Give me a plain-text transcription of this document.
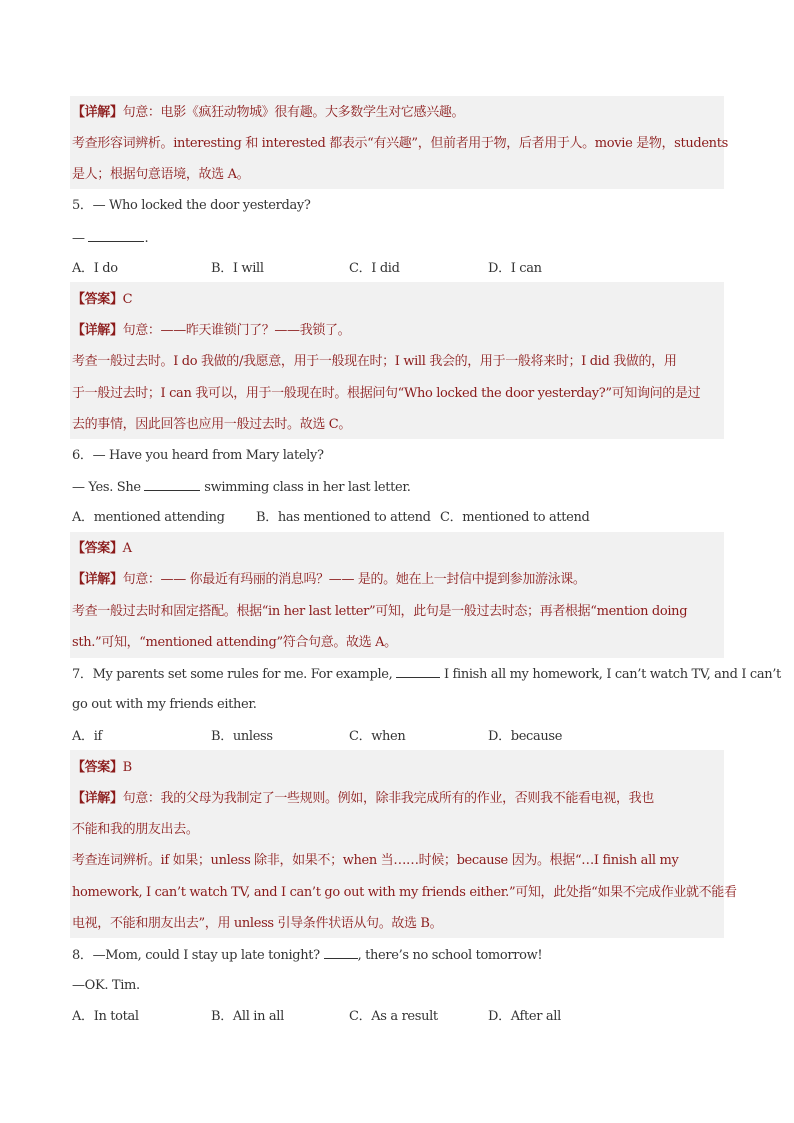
【详解】句意：电影《疯狂动物城》很有趣。大多数学生对它感兴趣。
考查形容词辨析。interesting 和 interested 都表示“有兴趣”，但前者用于物，后者用于人。movie 是物，students
是人；根据句意语境，故选 A。
5．— Who locked the door yesterday?
—	.
A．I do	B．I will	C．I did	D．I can
【答案】C
【详解】句意：——昨天谁锁门了？——我锁了。
考查一般过去时。I do 我做的/我愿意，用于一般现在时；I will 我会的，用于一般将来时；I did 我做的，用
于一般过去时；I can 我可以，用于一般现在时。根据问句“Who locked the door yesterday?”可知询问的是过
去的事情，因此回答也应用一般过去时。故选 C。
6．— Have you heard from Mary lately?
— Yes. She	swimming class in her last letter.
A．mentioned attending B．has mentioned to attend C．mentioned to attend
【答案】A
【详解】句意：—— 你最近有玛丽的消息吗？—— 是的。她在上一封信中提到参加游泳课。
考查一般过去时和固定搭配。根据“in her last letter”可知，此句是一般过去时态；再者根据“mention doing
sth.”可知，“mentioned attending”符合句意。故选 A。
7．My parents set some rules for me. For example,	I finish all my homework, I can’t watch TV, and I can’t
go out with my friends either.
A．if	B．unless	C．when	D．because
【答案】B
【详解】句意：我的父母为我制定了一些规则。例如，除非我完成所有的作业，否则我不能看电视，我也
不能和我的朋友出去。
考查连词辨析。if 如果；unless 除非，如果不；when 当……时候；because 因为。根据“…I finish all my
homework, I can’t watch TV, and I can’t go out with my friends either.”可知，此处指“如果不完成作业就不能看
电视，不能和朋友出去”，用 unless 引导条件状语从句。故选 B。
8．—Mom, could I stay up late tonight?	, there’s no school tomorrow!
—OK. Tim.
A．In total	B．All in all	C．As a result	D．After all
